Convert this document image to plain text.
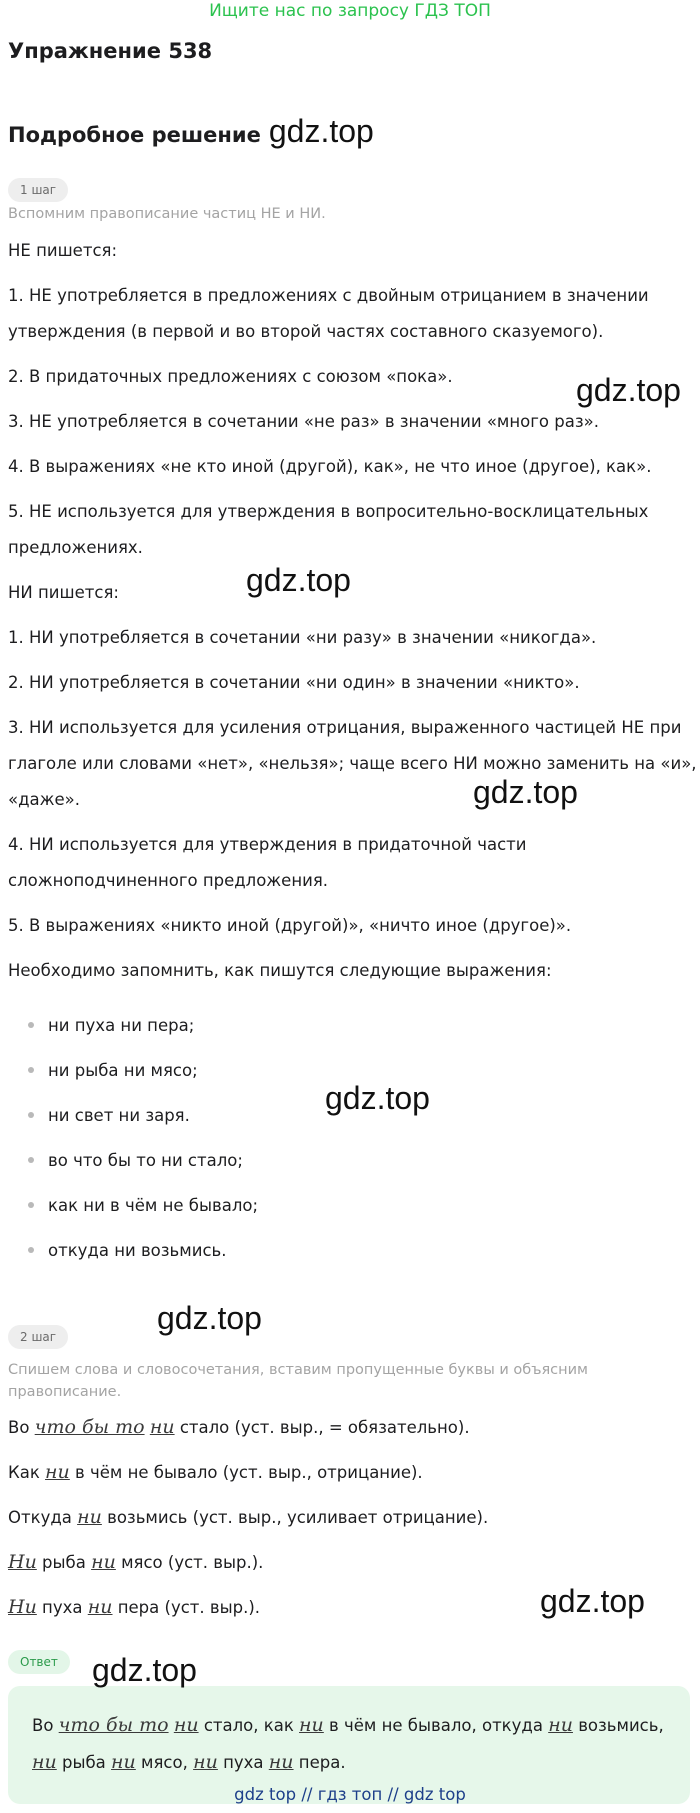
Ищите нас по запросу ГДЗ ТОП
Упражнение 538
Подробное решение gdz.top
1 шаг
Вспомним правописание частиц НЕ и НИ.
НЕ пишется:
1. НЕ употребляется в предложениях с двойным отрицанием в значении
утверждения (в первой и во второй частях составного сказуемого).
2. В придаточных предложениях с союзом «пока».
3. НЕ употребляется в сочетании «не раз» в значении «много раз».
4. В выражениях «не кто иной (другой), как», не что иное (другое), как».
5. НЕ используется для утверждения в вопросительно-восклицательных
предложениях.
НИ пишется:
1. НИ употребляется в сочетании «ни разу» в значении «никогда».
2. НИ употребляется в сочетании «ни один» в значении «никто».
3. НИ используется для усиления отрицания, выраженного частицей НЕ при
глаголе или словами «нет», «нельзя»; чаще всего НИ можно заменить на «и»,
«даже».
4. НИ используется для утверждения в придаточной части
сложноподчиненного предложения.
5. В выражениях «никто иной (другой)», «ничто иное (другое)».
Необходимо запомнить, как пишутся следующие выражения:
ни пуха ни пера;
ни рыба ни мясо;
ни свет ни заря.
во что бы то ни стало;
как ни в чём не бывало;
откуда ни возьмись.
2 шаг
Спишем слова и словосочетания, вставим пропущенные буквы и объясним
правописание.
Во что бы то ни стало (уст. выр., = обязательно).
Как ни в чём не бывало (уст. выр., отрицание).
Откуда ни возьмись (уст. выр., усиливает отрицание).
Ни рыба ни мясо (уст. выр.).
Ни пуха ни пера (уст. выр.).
Ответ
Во что бы то ни стало, как ни в чём не бывало, откуда ни возьмись, ни рыба ни мясо, ни пуха ни пера.
gdz.top
gdz.top
gdz.top
gdz.top
gdz.top
gdz.top
gdz.top
gdz top // гдз топ // gdz top
